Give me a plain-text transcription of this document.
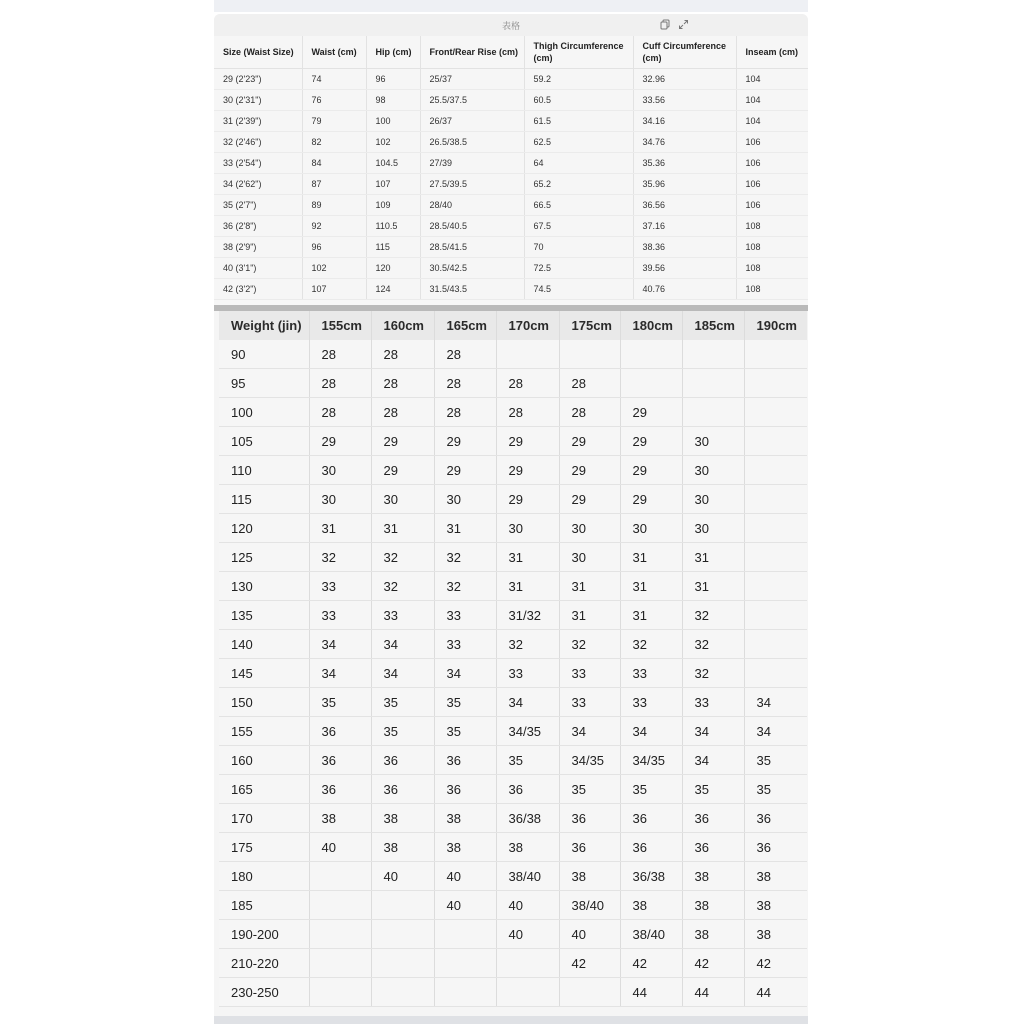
表格
Size (Waist Size)	Waist (cm)	Hip (cm)	Front/Rear Rise (cm)	Thigh Circumference (cm)	Cuff Circumference (cm)	Inseam (cm)
29 (2'23")	74	96	25/37	59.2	32.96	104
30 (2'31")	76	98	25.5/37.5	60.5	33.56	104
31 (2'39")	79	100	26/37	61.5	34.16	104
32 (2'46")	82	102	26.5/38.5	62.5	34.76	106
33 (2'54")	84	104.5	27/39	64	35.36	106
34 (2'62")	87	107	27.5/39.5	65.2	35.96	106
35 (2'7")	89	109	28/40	66.5	36.56	106
36 (2'8")	92	110.5	28.5/40.5	67.5	37.16	108
38 (2'9")	96	115	28.5/41.5	70	38.36	108
40 (3'1")	102	120	30.5/42.5	72.5	39.56	108
42 (3'2")	107	124	31.5/43.5	74.5	40.76	108
Weight (jin)	155cm	160cm	165cm	170cm	175cm	180cm	185cm	190cm
90	28	28	28					
95	28	28	28	28	28			
100	28	28	28	28	28	29		
105	29	29	29	29	29	29	30	
110	30	29	29	29	29	29	30	
115	30	30	30	29	29	29	30	
120	31	31	31	30	30	30	30	
125	32	32	32	31	30	31	31	
130	33	32	32	31	31	31	31	
135	33	33	33	31/32	31	31	32	
140	34	34	33	32	32	32	32	
145	34	34	34	33	33	33	32	
150	35	35	35	34	33	33	33	34
155	36	35	35	34/35	34	34	34	34
160	36	36	36	35	34/35	34/35	34	35
165	36	36	36	36	35	35	35	35
170	38	38	38	36/38	36	36	36	36
175	40	38	38	38	36	36	36	36
180		40	40	38/40	38	36/38	38	38
185			40	40	38/40	38	38	38
190-200				40	40	38/40	38	38
210-220					42	42	42	42
230-250						44	44	44
